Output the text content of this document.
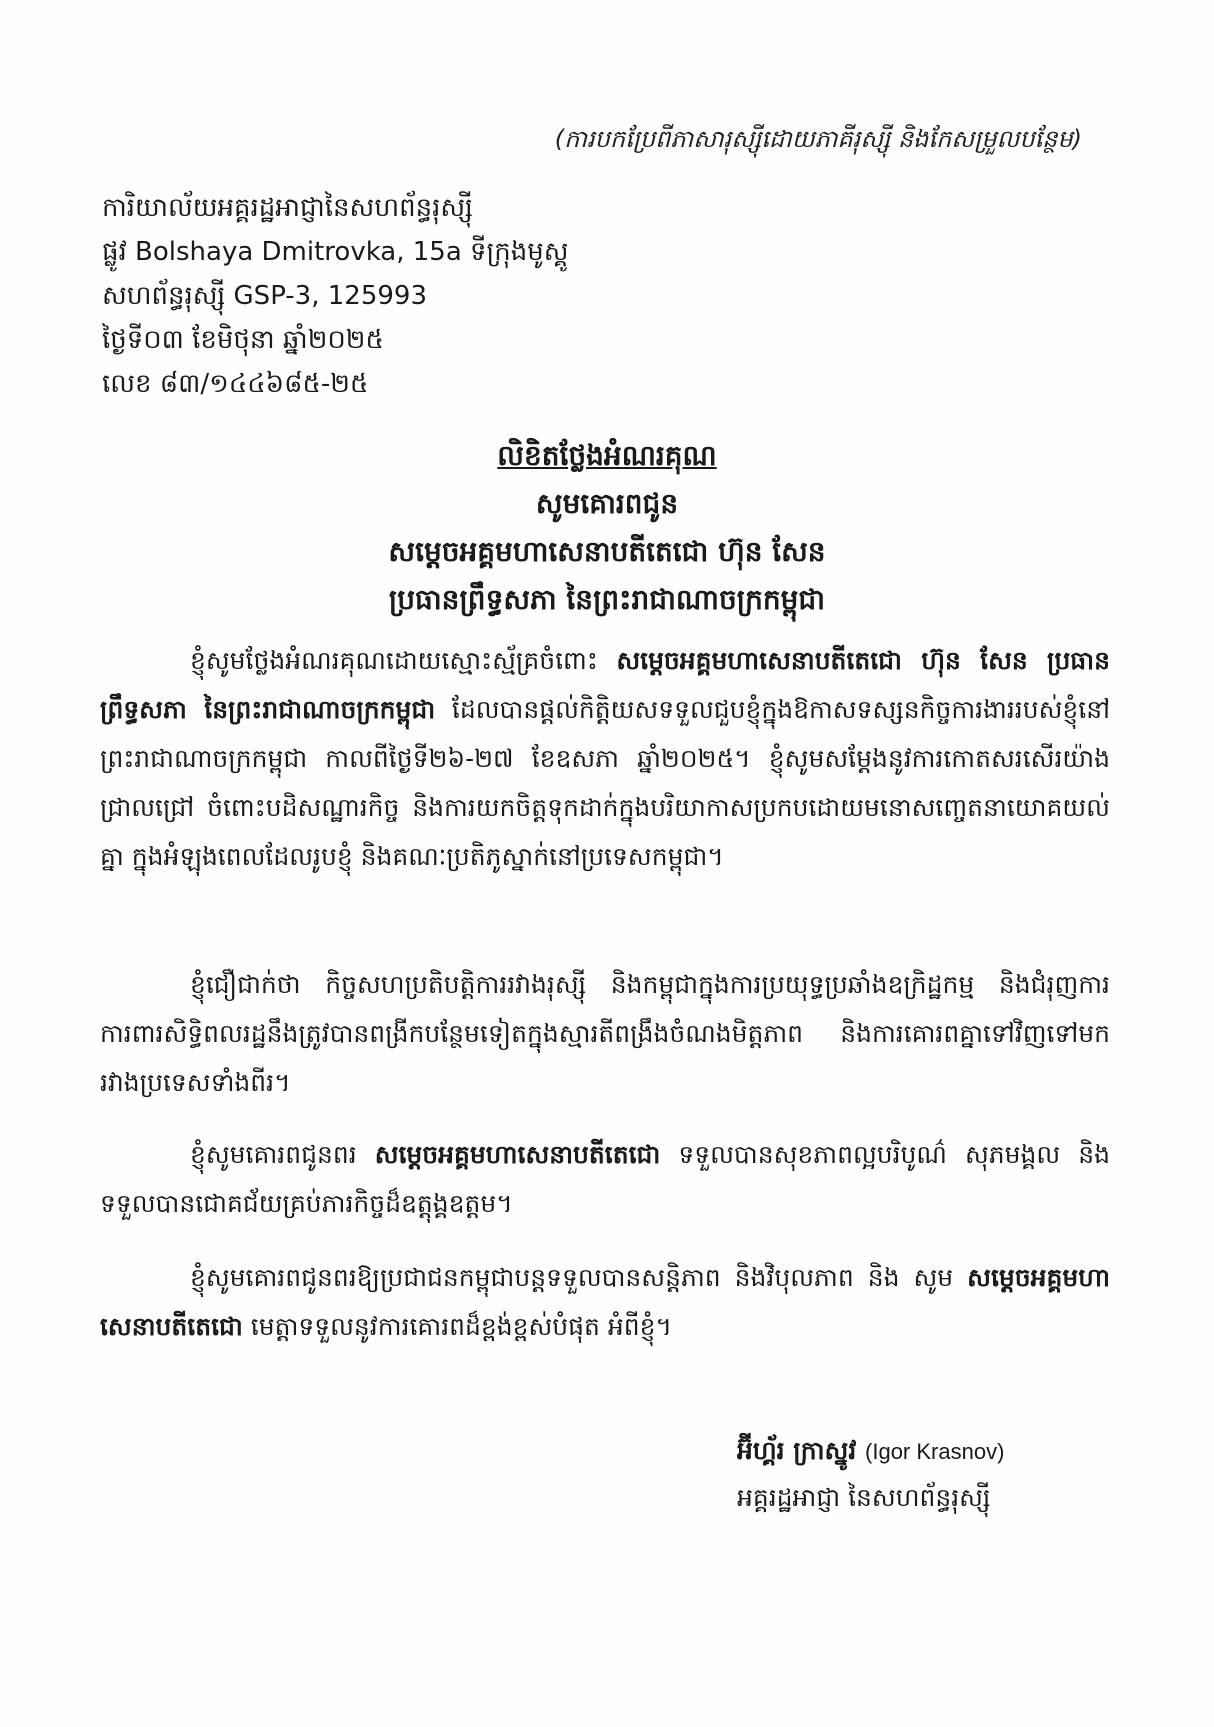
(ការបកប្រែពីភាសារុស្ស៊ីដោយភាគីរុស្ស៊ី និងកែសម្រួលបន្ថែម)
ការិយាល័យអគ្គរដ្ឋអាជ្ញានៃសហព័ន្ធរុស្ស៊ី
ផ្លូវ Bolshaya Dmitrovka, 15a ទីក្រុងមូស្គូ
សហព័ន្ធរុស្ស៊ី GSP-3, 125993
ថ្ងៃទី០៣ ខែមិថុនា ឆ្នាំ២០២៥
លេខ ៨៣/១៤៤៦៨៥-២៥
លិខិតថ្លែងអំណរគុណ
សូមគោរពជូន
សម្តេចអគ្គមហាសេនាបតីតេជោ ហ៊ុន សែន
ប្រធានព្រឹទ្ធសភា នៃព្រះរាជាណាចក្រកម្ពុជា

ខ្ញុំសូមថ្លែងអំណរគុណដោយស្មោះស្ម័គ្រចំពោះ សម្តេចអគ្គមហាសេនាបតីតេជោ ហ៊ុន សែន ប្រធានព្រឹទ្ធសភា នៃព្រះរាជាណាចក្រកម្ពុជា ដែលបានផ្តល់កិត្តិយសទទួលជួបខ្ញុំក្នុងឱកាសទស្សនកិច្ចការងាររបស់ខ្ញុំនៅព្រះរាជាណាចក្រកម្ពុជា កាលពីថ្ងៃទី២៦-២៧ ខែឧសភា ឆ្នាំ២០២៥។ ខ្ញុំសូមសម្តែងនូវការកោតសរសើរយ៉ាងជ្រាលជ្រៅ ចំពោះបដិសណ្ឋារកិច្ច និងការយកចិត្តទុកដាក់ក្នុងបរិយាកាសប្រកបដោយមនោសញ្ចេតនាយោគយល់គ្នា ក្នុងអំឡុងពេលដែលរូបខ្ញុំ និងគណៈប្រតិភូស្នាក់នៅប្រទេសកម្ពុជា។

ខ្ញុំជឿជាក់ថា កិច្ចសហប្រតិបត្តិការរវាងរុស្ស៊ី និងកម្ពុជាក្នុងការប្រយុទ្ធប្រឆាំងឧក្រិដ្ឋកម្ម និងជំរុញការការពារសិទ្ធិពលរដ្ឋនឹងត្រូវបានពង្រីកបន្ថែមទៀតក្នុងស្មារតីពង្រឹងចំណងមិត្តភាព និងការគោរពគ្នាទៅវិញទៅមករវាងប្រទេសទាំងពីរ។

ខ្ញុំសូមគោរពជូនពរ សម្តេចអគ្គមហាសេនាបតីតេជោ ទទួលបានសុខភាពល្អបរិបូណ៌ សុភមង្គល និងទទួលបានជោគជ័យគ្រប់ភារកិច្ចដ៏ឧត្តុង្គឧត្តម។

ខ្ញុំសូមគោរពជូនពរឱ្យប្រជាជនកម្ពុជាបន្តទទួលបានសន្តិភាព និងវិបុលភាព និង សូម សម្តេចអគ្គមហាសេនាបតីតេជោ មេត្តាទទួលនូវការគោរពដ៏ខ្ពង់ខ្ពស់បំផុត អំពីខ្ញុំ។

អ៊ីហ្គ័រ ក្រាស្នូវ (Igor Krasnov)
អគ្គរដ្ឋអាជ្ញា នៃសហព័ន្ធរុស្ស៊ី
